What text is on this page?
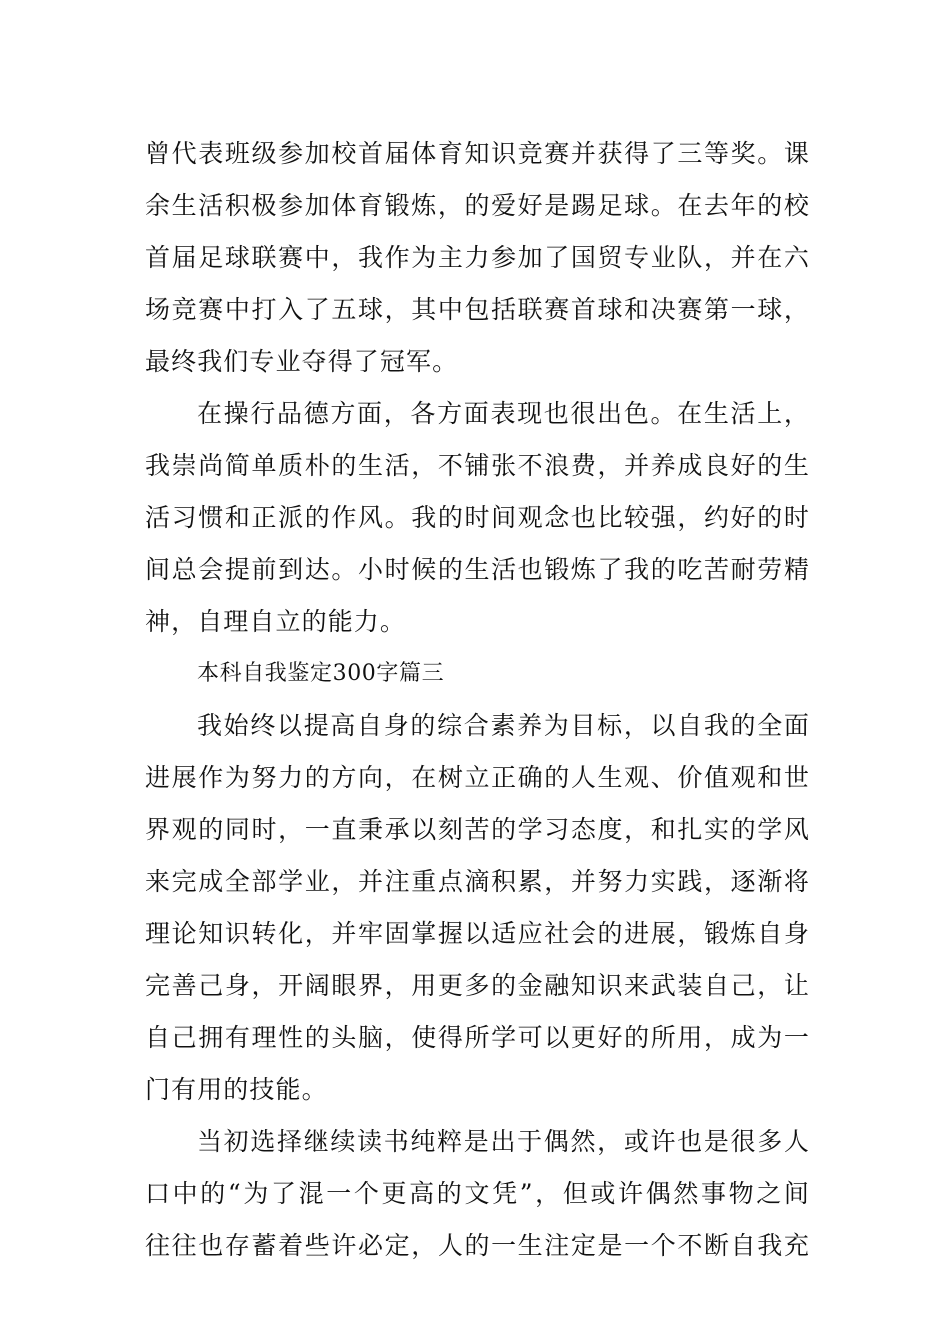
曾代表班级参加校首届体育知识竞赛并获得了三等奖。课
余生活积极参加体育锻炼，的爱好是踢足球。在去年的校
首届足球联赛中，我作为主力参加了国贸专业队，并在六
场竞赛中打入了五球，其中包括联赛首球和决赛第一球，
最终我们专业夺得了冠军。
在操行品德方面，各方面表现也很出色。在生活上，
我崇尚简单质朴的生活，不铺张不浪费，并养成良好的生
活习惯和正派的作风。我的时间观念也比较强，约好的时
间总会提前到达。小时候的生活也锻炼了我的吃苦耐劳精
神，自理自立的能力。
本科自我鉴定300字篇三
我始终以提高自身的综合素养为目标，以自我的全面
进展作为努力的方向，在树立正确的人生观、价值观和世
界观的同时，一直秉承以刻苦的学习态度，和扎实的学风
来完成全部学业，并注重点滴积累，并努力实践，逐渐将
理论知识转化，并牢固掌握以适应社会的进展，锻炼自身
完善己身，开阔眼界，用更多的金融知识来武装自己，让
自己拥有理性的头脑，使得所学可以更好的所用，成为一
门有用的技能。
当初选择继续读书纯粹是出于偶然，或许也是很多人
口中的“为了混一个更高的文凭”，但或许偶然事物之间
往往也存蓄着些许必定，人的一生注定是一个不断自我充
